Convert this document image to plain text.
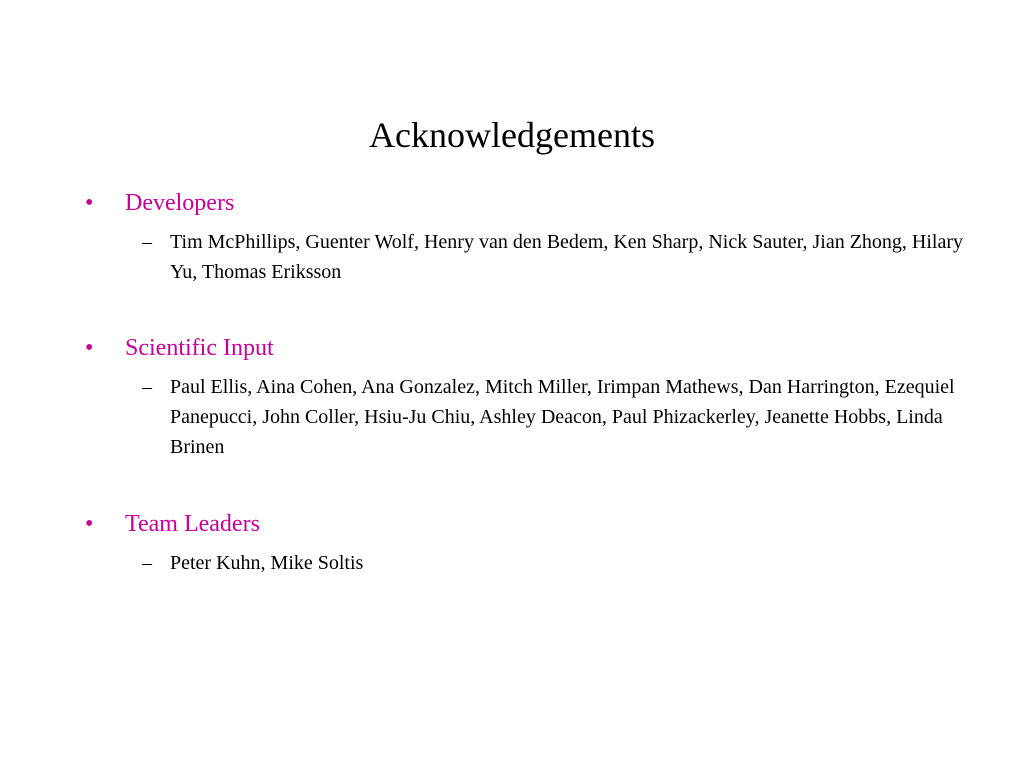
Acknowledgements
•	Developers
– Tim McPhillips, Guenter Wolf, Henry van den Bedem, Ken Sharp, Nick Sauter, Jian Zhong, Hilary Yu, Thomas Eriksson
•	Scientific Input
– Paul Ellis, Aina Cohen, Ana Gonzalez, Mitch Miller, Irimpan Mathews, Dan Harrington, Ezequiel Panepucci, John Coller, Hsiu-Ju Chiu, Ashley Deacon, Paul Phizackerley, Jeanette Hobbs, Linda Brinen
•	Team Leaders
– Peter Kuhn, Mike Soltis
